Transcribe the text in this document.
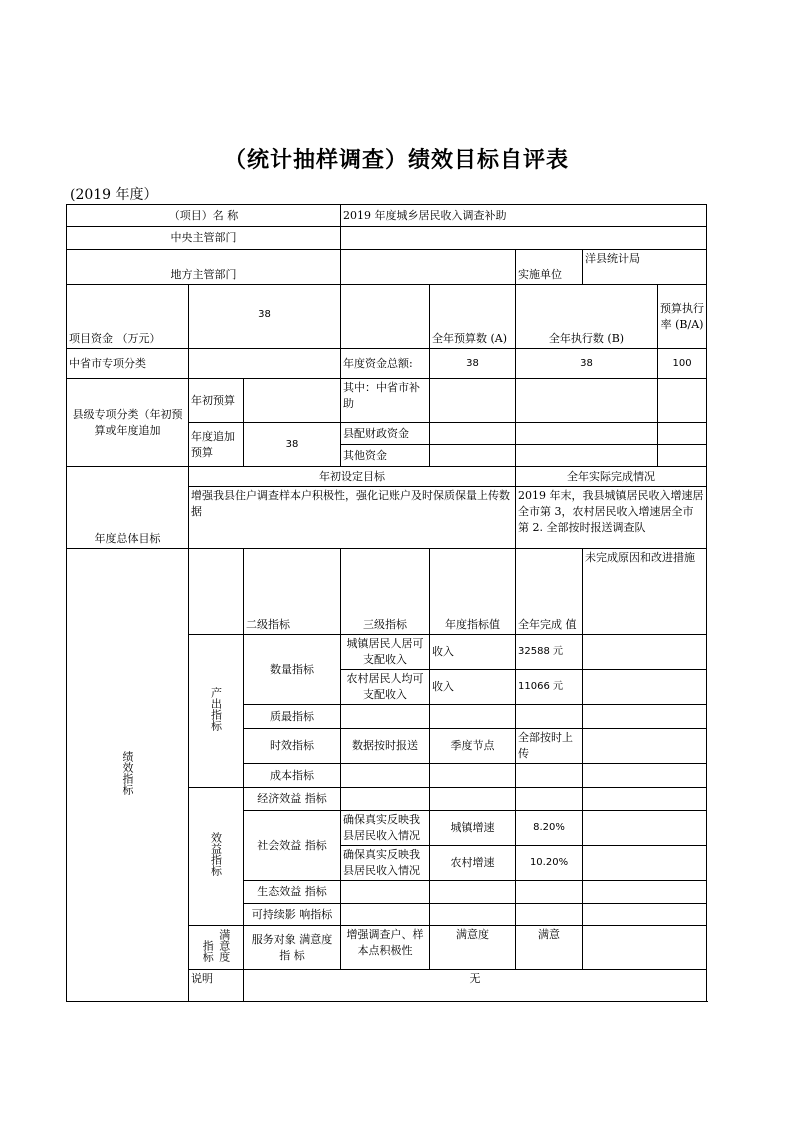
（统计抽样调查）绩效目标自评表
(2019 年度）
（项目）名 称			2019 年度城乡居民收入调查补助				
中央主管部门							
地方主管部门					实施单位	洋县统计局	
项目资金 （万元）	38			全年预算数 (A)	全年执行数 (B)		预算执行率 (B/A)
中省市专项分类			年度资金总额:	38	38		100
县级专项分类（年初预算或年度追加	年初预算		其中：中省市补助				
	年度追加预算	38	县配财政资金				
			其他资金				
年度总体目标	年初设定目标				全年实际完成情况		
	增强我县住户调查样本户积极性，强化记账户及时保质保量上传数据				2019 年末，我县城镇居民收入增速居全市第 3，农村居民收入增速居全市第 2. 全部按时报送调查队		
绩效指标		二级指标	三级指标	年度指标值	全年完成 值	未完成原因和改进措施	
	产出指标	数量指标	城镇居民人居可支配收入	收入	32588 元		
			农村居民人均可支配收入	收入	11066 元		
		质最指标					
		时效指标	数据按时报送	季度节点	全部按时上传		
		成本指标					
	效益指标	经济效益 指标					
		社会效益 指标	确保真实反映我县居民收入情况	城镇增速	8.20%		
			确保真实反映我县居民收入情况	农村增速	10.20%		
		生态效益 指标					
		可持续影 响指标					
	指标 满意度	服务对象 满意度 指 标	增强调查户、样本点积极性	满意度	满意		
	说明	无					
